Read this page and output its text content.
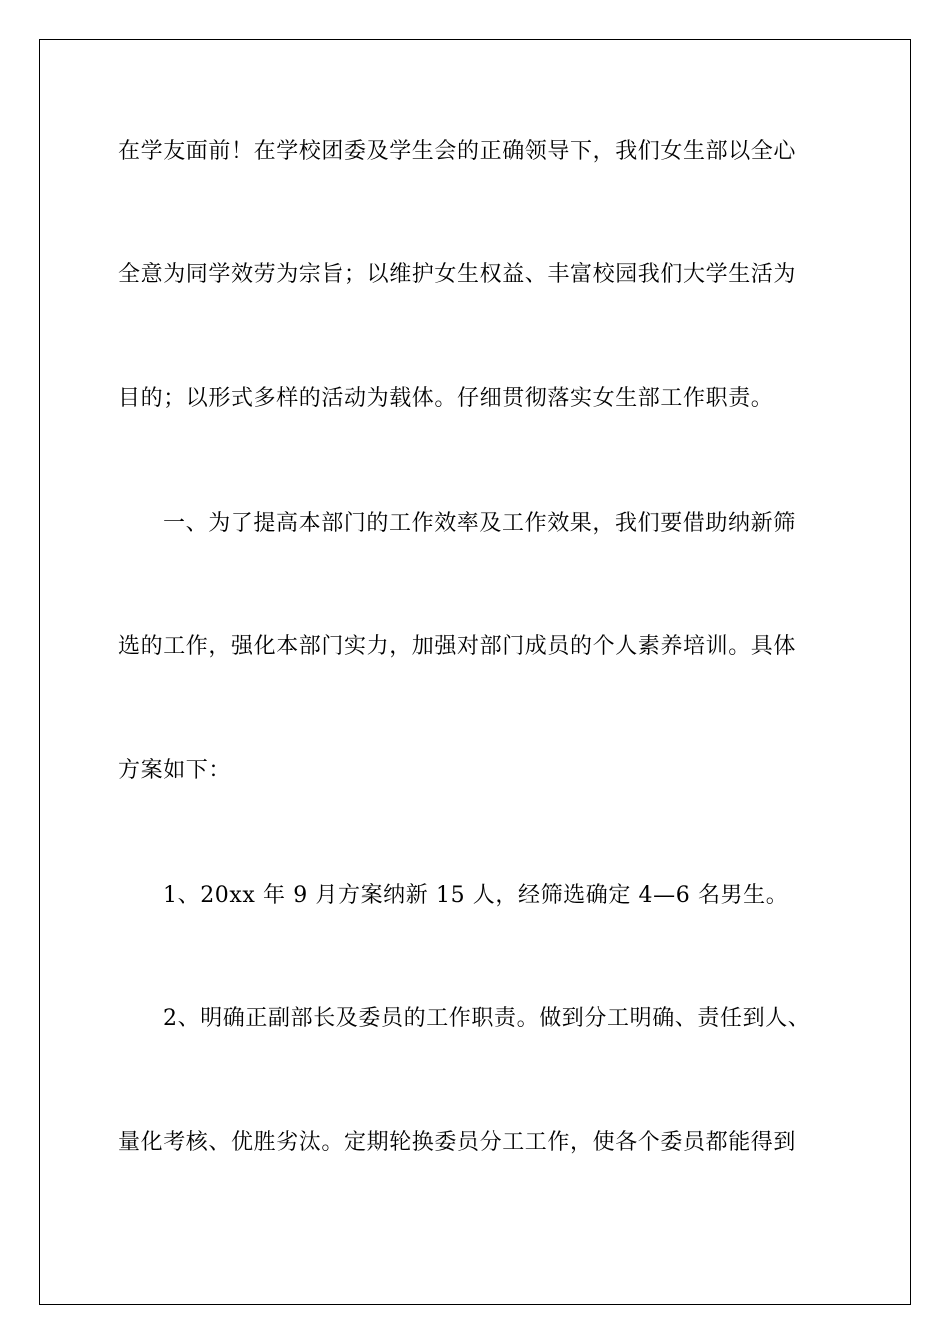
在学友面前！在学校团委及学生会的正确领导下，我们女生部以全心
全意为同学效劳为宗旨；以维护女生权益、丰富校园我们大学生活为
目的；以形式多样的活动为载体。仔细贯彻落实女生部工作职责。
一、为了提高本部门的工作效率及工作效果，我们要借助纳新筛
选的工作，强化本部门实力，加强对部门成员的个人素养培训。具体
方案如下：
1、20xx 年 9 月方案纳新 15 人，经筛选确定 4—6 名男生。
2、明确正副部长及委员的工作职责。做到分工明确、责任到人、
量化考核、优胜劣汰。定期轮换委员分工工作，使各个委员都能得到
